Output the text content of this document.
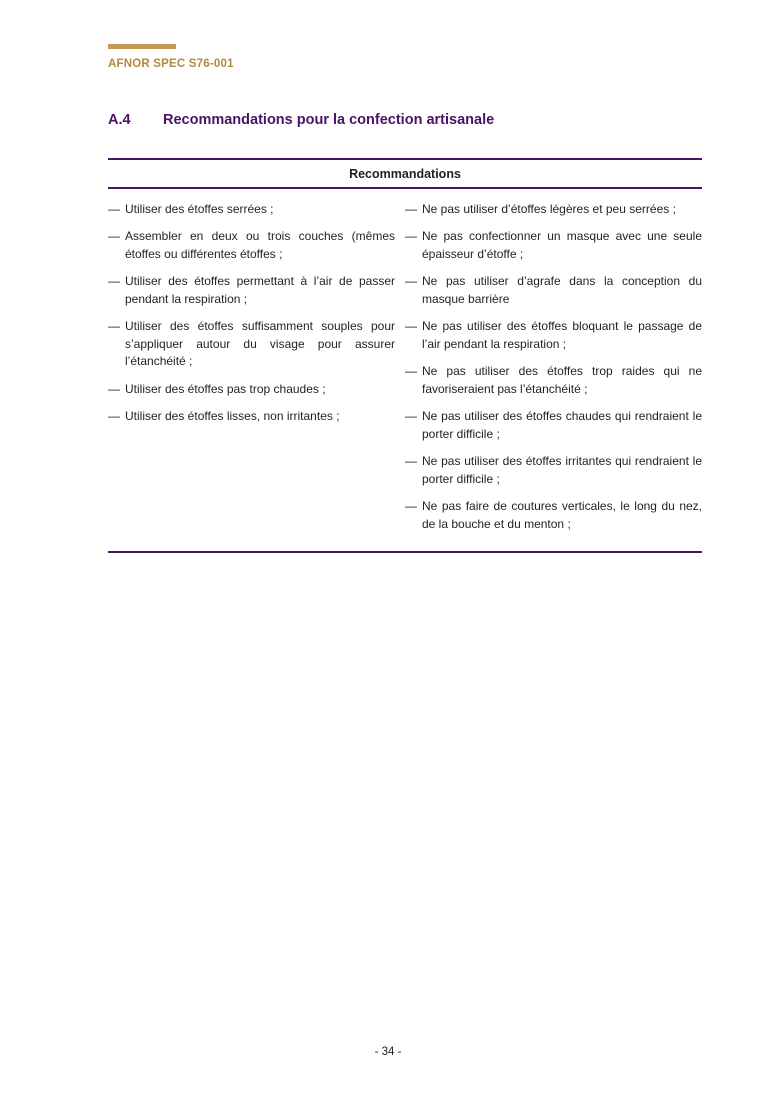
AFNOR SPEC S76-001
A.4	Recommandations pour la confection artisanale
Recommandations
— Utiliser des étoffes serrées ;
— Assembler en deux ou trois couches (mêmes étoffes ou différentes étoffes ;
— Utiliser des étoffes permettant à l’air de passer pendant la respiration ;
— Utiliser des étoffes suffisamment souples pour s’appliquer autour du visage pour assurer l’étanchéité ;
— Utiliser des étoffes pas trop chaudes ;
— Utiliser des étoffes lisses, non irritantes ;
— Ne pas utiliser d’étoffes légères et peu serrées ;
— Ne pas confectionner un masque avec une seule épaisseur d’étoffe ;
— Ne pas utiliser d’agrafe dans la conception du masque barrière
— Ne pas utiliser des étoffes bloquant le passage de l’air pendant la respiration ;
— Ne pas utiliser des étoffes trop raides qui ne favoriseraient pas l’étanchéité ;
— Ne pas utiliser des étoffes chaudes qui rendraient le porter difficile ;
— Ne pas utiliser des étoffes irritantes qui rendraient le porter difficile ;
— Ne pas faire de coutures verticales, le long du nez, de la bouche et du menton ;
- 34 -
